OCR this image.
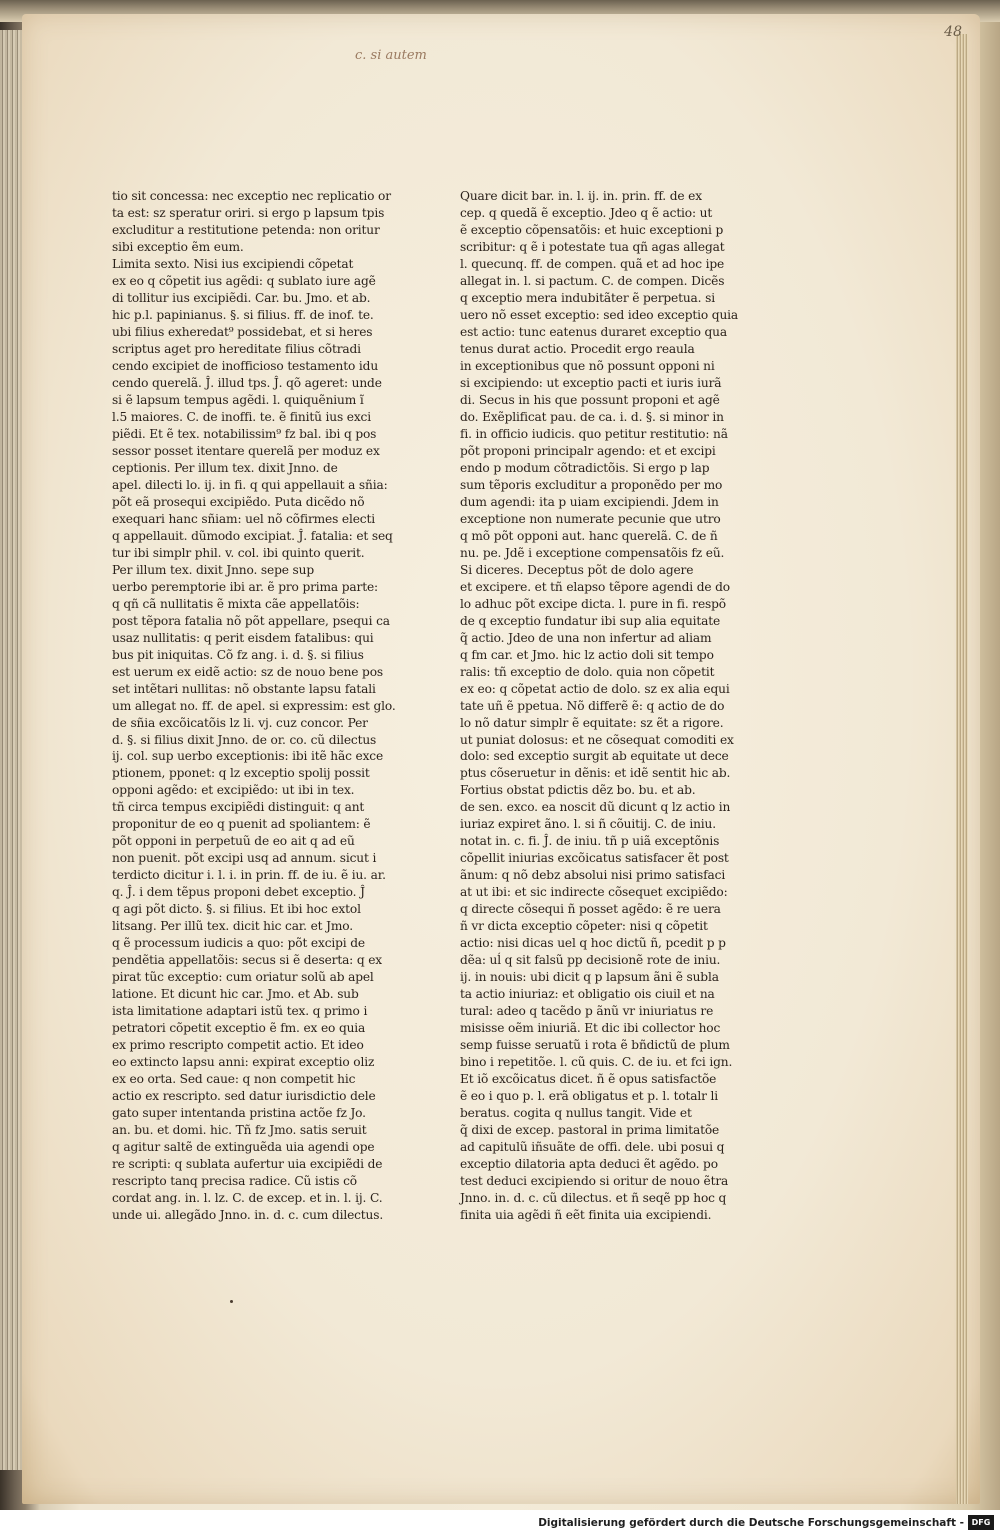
48
c. si autem
tio sit concessa: nec exceptio nec replicatio or
ta est: sz speratur oriri. si ergo p lapsum tpis
excluditur a restitutione petenda: non oritur
sibi exceptio ẽm eum.
Limita sexto. Nisi ius excipiendi cõpetat
ex eo q cõpetit ius agẽdi: q sublato iure agẽ
di tollitur ius excipiẽdi. Car. bu. Jmo. et ab.
hic p.l. papinianus. §. si filius. ff. de inof. te.
ubi filius exheredat⁹ possidebat, et si heres
scriptus aget pro hereditate filius cõtradi
cendo excipiet de inofficioso testamento idu
cendo querelã. Ĵ. illud tps. Ĵ. qõ ageret: unde
si ẽ lapsum tempus agẽdi. l. quiquẽnium ĩ
l.5 maiores. C. de inoffi. te. ẽ finitũ ius exci
piẽdi. Et ẽ tex. notabilissim⁹ fz bal. ibi q pos
sessor posset itentare querelã per moduz ex
ceptionis. Per illum tex. dixit Jnno. de
apel. dilecti lo. ij. in fi. q qui appellauit a sñia:
põt eã prosequi excipiẽdo. Puta dicẽdo nõ
exequari hanc sñiam: uel nõ cõfirmes electi
q appellauit. dũmodo excipiat. Ĵ. fatalia: et seq
tur ibi simplr phil. v. col. ibi quinto querit.
Per illum tex. dixit Jnno. sepe sup
uerbo peremptorie ibi ar. ẽ pro prima parte:
q qñ cã nullitatis ẽ mixta cãe appellatõis:
post tẽpora fatalia nõ põt appellare, psequi ca
usaz nullitatis: q perit eisdem fatalibus: qui
bus pit iniquitas. Cõ fz ang. i. d. §. si filius
est uerum ex eidẽ actio: sz de nouo bene pos
set intẽtari nullitas: nõ obstante lapsu fatali
um allegat no. ff. de apel. si expressim: est glo.
de sñia excõicatõis lz li. vj. cuz concor. Per
d. §. si filius dixit Jnno. de or. co. cũ dilectus
ij. col. sup uerbo exceptionis: ibi itẽ hãc exce
ptionem, pponet: q lz exceptio spolij possit
opponi agẽdo: et excipiẽdo: ut ibi in tex.
tñ circa tempus excipiẽdi distinguit: q ant
proponitur de eo q puenit ad spoliantem: ẽ
põt opponi in perpetuũ de eo ait q ad eũ
non puenit. põt excipi usq ad annum. sicut i
terdicto dicitur i. l. i. in prin. ff. de iu. ẽ iu. ar.
q. Ĵ. i dem tẽpus proponi debet exceptio. Ĵ
q agi põt dicto. §. si filius. Et ibi hoc extol
litsang. Per illũ tex. dicit hic car. et Jmo.
q ẽ processum iudicis a quo: põt excipi de
pendẽtia appellatõis: secus si ẽ deserta: q ex
pirat tũc exceptio: cum oriatur solũ ab apel
latione. Et dicunt hic car. Jmo. et Ab. sub
ista limitatione adaptari istũ tex. q primo i
petratori cõpetit exceptio ẽ fm. ex eo quia
ex primo rescripto competit actio. Et ideo
eo extincto lapsu anni: expirat exceptio oliz
ex eo orta. Sed caue: q non competit hic
actio ex rescripto. sed datur iurisdictio dele
gato super intentanda pristina actõe fz Jo.
an. bu. et domi. hic. Tñ fz Jmo. satis seruit
q agitur saltẽ de extinguẽda uia agendi ope
re scripti: q sublata aufertur uia excipiẽdi de
rescripto tanq precisa radice. Cũ istis cõ
cordat ang. in. l. lz. C. de excep. et in. l. ij. C.
unde ui. allegãdo Jnno. in. d. c. cum dilectus.
Quare dicit bar. in. l. ij. in. prin. ff. de ex
cep. q quedã ẽ exceptio. Jdeo q ẽ actio: ut
ẽ exceptio cõpensatõis: et huic exceptioni p
scribitur: q ẽ i potestate tua qñ agas allegat
l. quecunq. ff. de compen. quã et ad hoc ipe
allegat in. l. si pactum. C. de compen. Dicẽs
q exceptio mera indubitãter ẽ perpetua. si
uero nõ esset exceptio: sed ideo exceptio quia
est actio: tunc eatenus duraret exceptio qua
tenus durat actio. Procedit ergo reaula
in exceptionibus que nõ possunt opponi ni
si excipiendo: ut exceptio pacti et iuris iurã
di. Secus in his que possunt proponi et agẽ
do. Exẽplificat pau. de ca. i. d. §. si minor in
fi. in officio iudicis. quo petitur restitutio: nã
põt proponi principalr agendo: et et excipi
endo p modum cõtradictõis. Si ergo p lap
sum tẽporis excluditur a proponẽdo per mo
dum agendi: ita p uiam excipiendi. Jdem in
exceptione non numerate pecunie que utro
q mõ põt opponi aut. hanc querelã. C. de ñ
nu. pe. Jdẽ i exceptione compensatõis fz eũ.
Si diceres. Deceptus põt de dolo agere
et excipere. et tñ elapso tẽpore agendi de do
lo adhuc põt excipe dicta. l. pure in fi. respõ
de q exceptio fundatur ibi sup alia equitate
q̃ actio. Jdeo de una non infertur ad aliam
q fm car. et Jmo. hic lz actio doli sit tempo
ralis: tñ exceptio de dolo. quia non cõpetit
ex eo: q cõpetat actio de dolo. sz ex alia equi
tate uñ ẽ ppetua. Nõ differẽ ẽ: q actio de do
lo nõ datur simplr ẽ equitate: sz ẽt a rigore.
ut puniat dolosus: et ne cõsequat comoditi ex
dolo: sed exceptio surgit ab equitate ut dece
ptus cõseruetur in dẽnis: et idẽ sentit hic ab.
Fortius obstat pdictis dẽz bo. bu. et ab.
de sen. exco. ea noscit dũ dicunt q lz actio in
iuriaz expiret ãno. l. si ñ cõuitij. C. de iniu.
notat in. c. fi. Ĵ. de iniu. tñ p uiã exceptõnis
cõpellit iniurias excõicatus satisfacer ẽt post
ãnum: q nõ debz absolui nisi primo satisfaci
at ut ibi: et sic indirecte cõsequet excipiẽdo:
q directe cõsequi ñ posset agẽdo: ẽ re uera
ñ vr dicta exceptio cõpeter: nisi q cõpetit
actio: nisi dicas uel q hoc dictũ ñ, pcedit p p
dẽa: uĺ q sit falsũ pp decisionẽ rote de iniu.
ij. in nouis: ubi dicit q p lapsum ãni ẽ subla
ta actio iniuriaz: et obligatio ois ciuil et na
tural: adeo q tacẽdo p ãnũ vr iniuriatus re
misisse oẽm iniuriã. Et dic ibi collector hoc
semp fuisse seruatũ i rota ẽ bñdictũ de plum
bino i repetitõe. l. cũ quis. C. de iu. et fci ign.
Et iõ excõicatus dicet. ñ ẽ opus satisfactõe
ẽ eo i quo p. l. erã obligatus et p. l. totalr li
beratus. cogita q nullus tangit. Vide et
q̃ dixi de excep. pastoral in prima limitatõe
ad capitulũ iñsuãte de offi. dele. ubi posui q
exceptio dilatoria apta deduci ẽt agẽdo. po
test deduci excipiendo si oritur de nouo ẽtra
Jnno. in. d. c. cũ dilectus. et ñ seqẽ pp hoc q
finita uia agẽdi ñ eẽt finita uia excipiendi.
Digitalisierung gefördert durch die Deutsche Forschungsgemeinschaft - DFG
